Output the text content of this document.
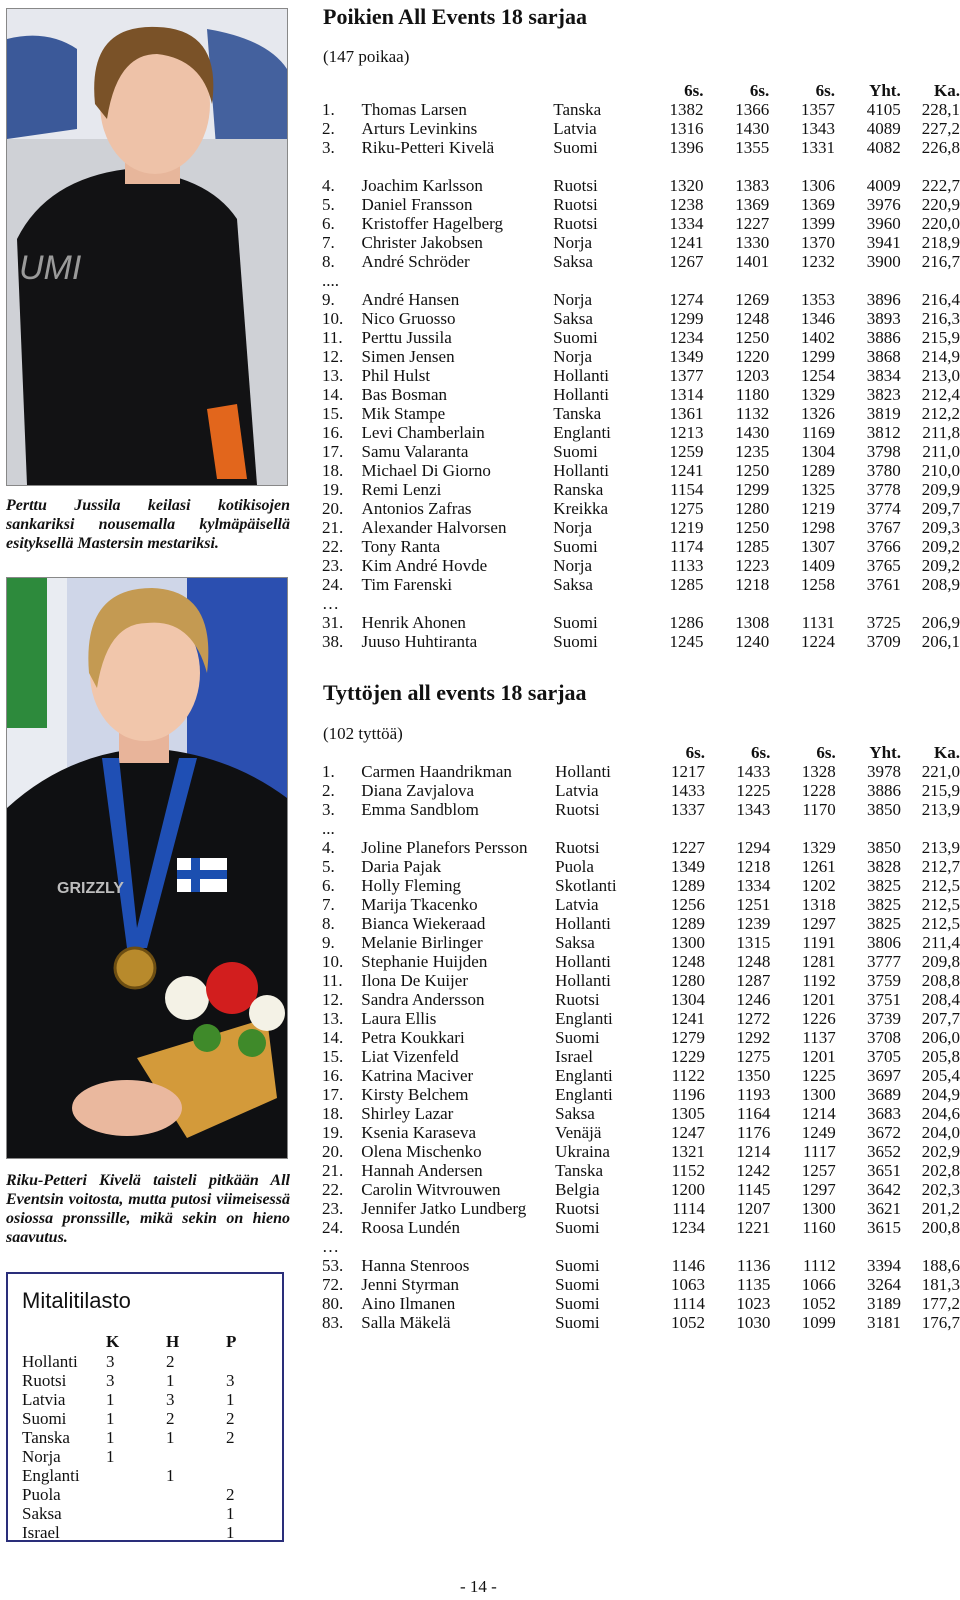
UMI
Perttu Jussila keilasi kotikisojen sankariksi nousemalla kylmäpäisellä esityksellä Mastersin mestariksi.
GRIZZLY
Riku-Petteri Kivelä taisteli pitkään All Eventsin voitosta, mutta putosi viimeisessä osiossa pronssille, mikä sekin on hieno saavutus.
Mitalitilasto
	K	H	P
Hollanti	3	2	
Ruotsi	3	1	3
Latvia	1	3	1
Suomi	1	2	2
Tanska	1	1	2
Norja	1		
Englanti		1	
Puola			2
Saksa			1
Israel			1
Poikien All Events 18 sarjaa
(147 poikaa)
			6s.	6s.	6s.	Yht.	Ka.
1.	Thomas Larsen	Tanska	1382	1366	1357	4105	228,1
2.	Arturs Levinkins	Latvia	1316	1430	1343	4089	227,2
3.	Riku-Petteri Kivelä	Suomi	1396	1355	1331	4082	226,8

4.	Joachim Karlsson	Ruotsi	1320	1383	1306	4009	222,7
5.	Daniel Fransson	Ruotsi	1238	1369	1369	3976	220,9
6.	Kristoffer Hagelberg	Ruotsi	1334	1227	1399	3960	220,0
7.	Christer Jakobsen	Norja	1241	1330	1370	3941	218,9
8.	André Schröder	Saksa	1267	1401	1232	3900	216,7
....							
9.	André Hansen	Norja	1274	1269	1353	3896	216,4
10.	Nico Gruosso	Saksa	1299	1248	1346	3893	216,3
11.	Perttu Jussila	Suomi	1234	1250	1402	3886	215,9
12.	Simen Jensen	Norja	1349	1220	1299	3868	214,9
13.	Phil Hulst	Hollanti	1377	1203	1254	3834	213,0
14.	Bas Bosman	Hollanti	1314	1180	1329	3823	212,4
15.	Mik Stampe	Tanska	1361	1132	1326	3819	212,2
16.	Levi Chamberlain	Englanti	1213	1430	1169	3812	211,8
17.	Samu Valaranta	Suomi	1259	1235	1304	3798	211,0
18.	Michael Di Giorno	Hollanti	1241	1250	1289	3780	210,0
19.	Remi Lenzi	Ranska	1154	1299	1325	3778	209,9
20.	Antonios Zafras	Kreikka	1275	1280	1219	3774	209,7
21.	Alexander Halvorsen	Norja	1219	1250	1298	3767	209,3
22.	Tony Ranta	Suomi	1174	1285	1307	3766	209,2
23.	Kim André Hovde	Norja	1133	1223	1409	3765	209,2
24.	Tim Farenski	Saksa	1285	1218	1258	3761	208,9
…							
31.	Henrik Ahonen	Suomi	1286	1308	1131	3725	206,9
38.	Juuso Huhtiranta	Suomi	1245	1240	1224	3709	206,1
Tyttöjen all events 18 sarjaa
(102 tyttöä)
			6s.	6s.	6s.	Yht.	Ka.
1.	Carmen Haandrikman	Hollanti	1217	1433	1328	3978	221,0
2.	Diana Zavjalova	Latvia	1433	1225	1228	3886	215,9
3.	Emma Sandblom	Ruotsi	1337	1343	1170	3850	213,9
...							
4.	Joline Planefors Persson	Ruotsi	1227	1294	1329	3850	213,9
5.	Daria Pajak	Puola	1349	1218	1261	3828	212,7
6.	Holly Fleming	Skotlanti	1289	1334	1202	3825	212,5
7.	Marija Tkacenko	Latvia	1256	1251	1318	3825	212,5
8.	Bianca Wiekeraad	Hollanti	1289	1239	1297	3825	212,5
9.	Melanie Birlinger	Saksa	1300	1315	1191	3806	211,4
10.	Stephanie Huijden	Hollanti	1248	1248	1281	3777	209,8
11.	Ilona De Kuijer	Hollanti	1280	1287	1192	3759	208,8
12.	Sandra Andersson	Ruotsi	1304	1246	1201	3751	208,4
13.	Laura Ellis	Englanti	1241	1272	1226	3739	207,7
14.	Petra Koukkari	Suomi	1279	1292	1137	3708	206,0
15.	Liat Vizenfeld	Israel	1229	1275	1201	3705	205,8
16.	Katrina Maciver	Englanti	1122	1350	1225	3697	205,4
17.	Kirsty Belchem	Englanti	1196	1193	1300	3689	204,9
18.	Shirley Lazar	Saksa	1305	1164	1214	3683	204,6
19.	Ksenia Karaseva	Venäjä	1247	1176	1249	3672	204,0
20.	Olena Mischenko	Ukraina	1321	1214	1117	3652	202,9
21.	Hannah Andersen	Tanska	1152	1242	1257	3651	202,8
22.	Carolin Witvrouwen	Belgia	1200	1145	1297	3642	202,3
23.	Jennifer Jatko Lundberg	Ruotsi	1114	1207	1300	3621	201,2
24.	Roosa Lundén	Suomi	1234	1221	1160	3615	200,8
…							
53.	Hanna Stenroos	Suomi	1146	1136	1112	3394	188,6
72.	Jenni Styrman	Suomi	1063	1135	1066	3264	181,3
80.	Aino Ilmanen	Suomi	1114	1023	1052	3189	177,2
83.	Salla Mäkelä	Suomi	1052	1030	1099	3181	176,7
- 14 -
